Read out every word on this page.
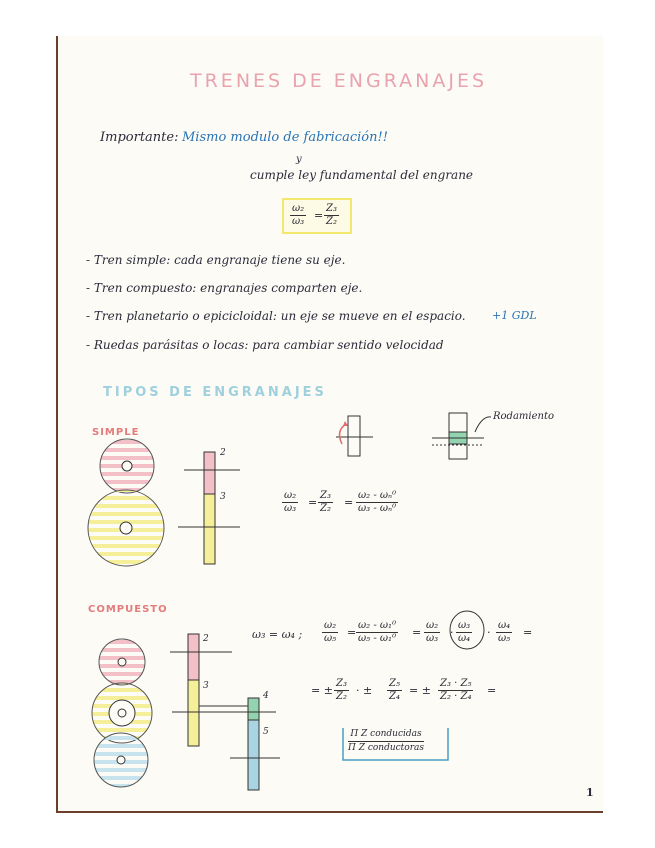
TRENES DE ENGRANAJES
Importante: Mismo modulo de fabricación!!
y
cumple ley fundamental del engrane
$\frac{\text{ω₂}}{\text{ω₃}} = \frac{\text{Z₃}}{\text{Z₂}}$
- Tren simple: cada engranaje tiene su eje.
- Tren compuesto: engranajes comparten eje.
- Tren planetario o epicicloidal: un eje se mueve en el espacio. +1 GDL
- Ruedas parásitas o locas: para cambiar sentido velocidad
TIPOS DE ENGRANAJES
SIMPLE
COMPUESTO
Rodamiento
2
3
2
3
4
5
$\frac{\text{ω₂}}{\text{ω₃}} = \frac{\text{Z₃}}{\text{Z₂}} = \frac{\text{ω₂ - ωₙ⁰}}{\text{ω₃ - ωₙ⁰}}$
ω₃ = ω₄ ; $\frac{\text{ω₂}}{\text{ω₅}} = \frac{\text{ω₂ - ω₁⁰}}{\text{ω₅ - ω₁⁰}} = \frac{\text{ω₂}}{\text{ω₃}} \cdot \frac{\text{ω₃}}{\text{ω₄}} \cdot \frac{\text{ω₄}}{\text{ω₅}}$ =
= ± $\frac{\text{Z₃}}{\text{Z₂}}$ · ± $\frac{\text{Z₅}}{\text{Z₄}}$ = ± $\frac{\text{Z₃ · Z₅}}{\text{Z₂ · Z₄}}$ =
Π Z conducidas
Π Z conductoras
1
